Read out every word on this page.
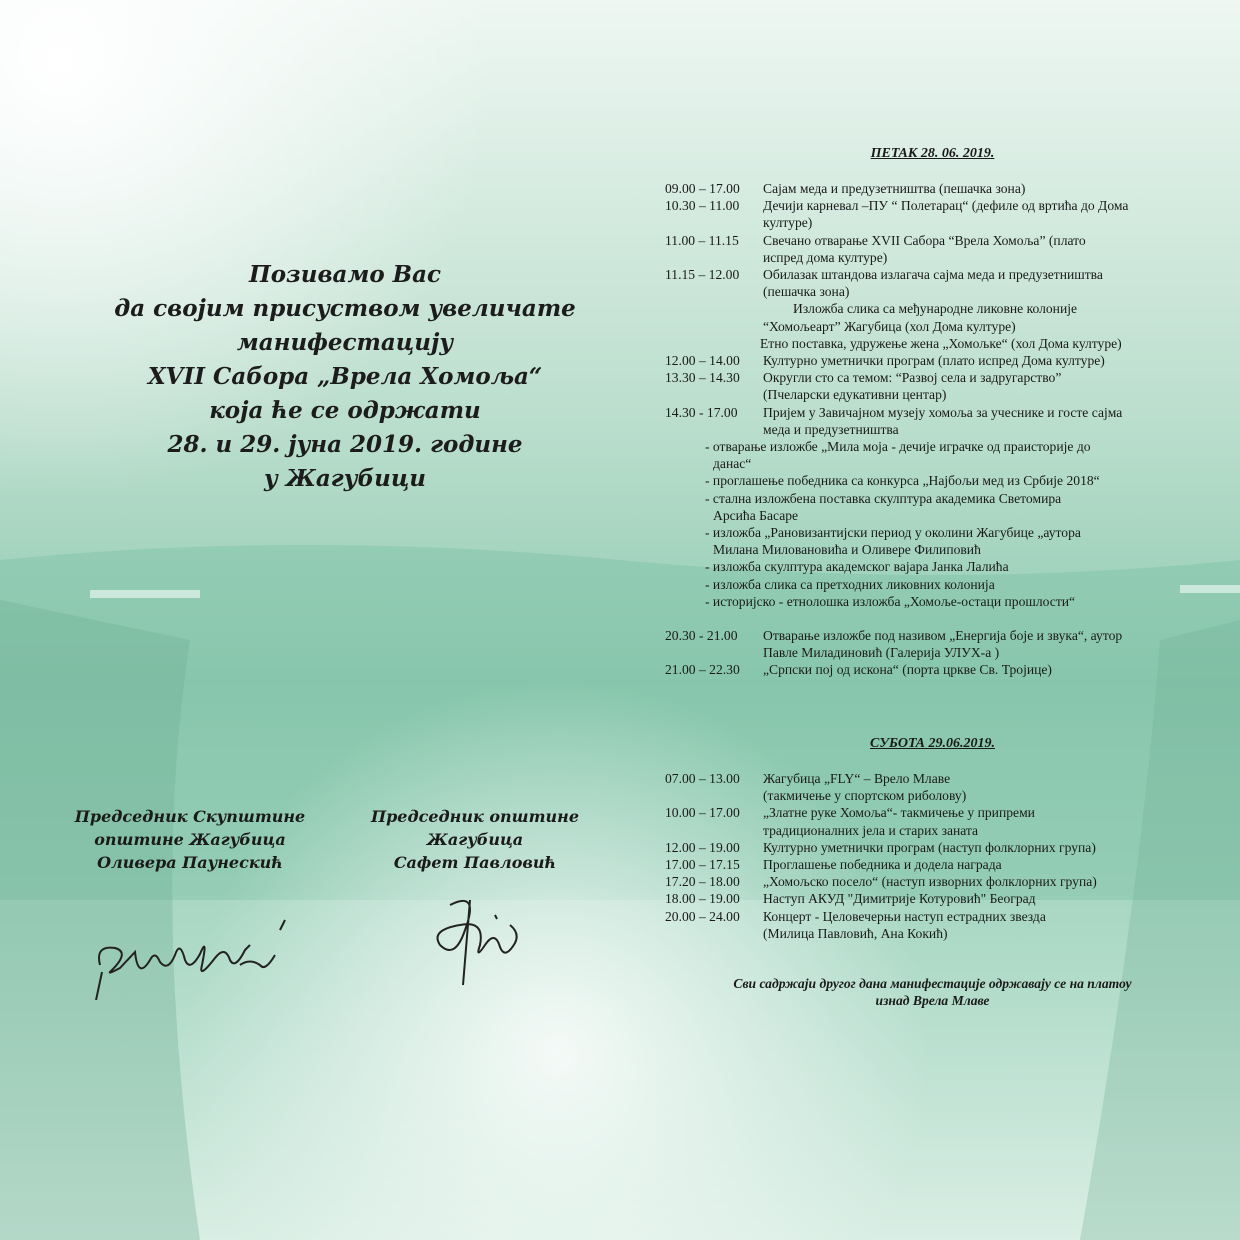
Позивамо Вас
да својим присуством увеличате
манифестацију
XVII Сабора „Врела Хомоља“
која ће се одржати
28. и 29. јуна 2019. године
у Жагубици
Председник Скупштине
општине Жагубица
Оливера Паунескић
Председник општине
Жагубица
Сафет Павловић
ПЕТАК 28. 06. 2019.
09.00 – 17.00	Сајам меда и предузетништва (пешачка зона)
10.30 – 11.00	Дечији карневал –ПУ “ Полетарац“ (дефиле од вртића до Дома
културе)
11.00 – 11.15	Свечано отварање XVII Сабора “Врела Хомоља” (плато
испред дома културе)
11.15 – 12.00	Обилазак штандова излагача сајма меда и предузетништва
(пешачка зона)
Изложба слика са међународне ликовне колоније
“Хомољеарт” Жагубица (хол Дома културе)
Етно поставка, удружење жена „Хомољке“ (хол Дома културе)
12.00 – 14.00	Културно уметнички програм (плато испред Дома културе)
13.30 – 14.30	Округли сто са темом: “Развој села и задругарство”
(Пчеларски едукативни центар)
14.30 - 17.00	Пријем у Завичајном музеју хомоља за учеснике и госте сајма
меда и предузетништва
- отварање изложбе „Мила моја - дечије играчке од праисторије до
данас“
- проглашење победника са конкурса „Најбољи мед из Србије 2018“
- стална изложбена поставка скулптура академика Светомира
Арсића Басаре
- изложба „Рановизантијски период у околини Жагубице „аутора
Милана Миловановића и Оливере Филиповић
- изложба скулптура академског вајара Јанка Лалића
- изложба слика са претходних ликовних колонија
- историјско - етнолошка изложба „Хомоље-остаци прошлости“
20.30 - 21.00	Отварање изложбе под називом „Енергија боје и звука“, аутор
Павле Миладиновић (Галерија УЛУХ-а )
21.00 – 22.30	„Српски пој од искона“ (порта цркве Св. Тројице)
СУБОТА 29.06.2019.
07.00 – 13.00	Жагубица „FLY“ – Врело Млаве
(такмичење у спортском риболову)
10.00 – 17.00	„Златне руке Хомоља“- такмичење у припреми
традиционалних јела и старих заната
12.00 – 19.00	Културно уметнички програм (наступ фолклорних група)
17.00 – 17.15	Проглашење победника и додела награда
17.20 – 18.00	„Хомољско посело“ (наступ изворних фолклорних група)
18.00 – 19.00	Наступ АКУД "Димитрије Котуровић" Београд
20.00 – 24.00	Концерт - Целовечерњи наступ естрадних звезда
(Милица Павловић, Ана Кокић)
Сви садржаји другог дана манифестације одржавају се на платоу
изнад Врела Млаве
